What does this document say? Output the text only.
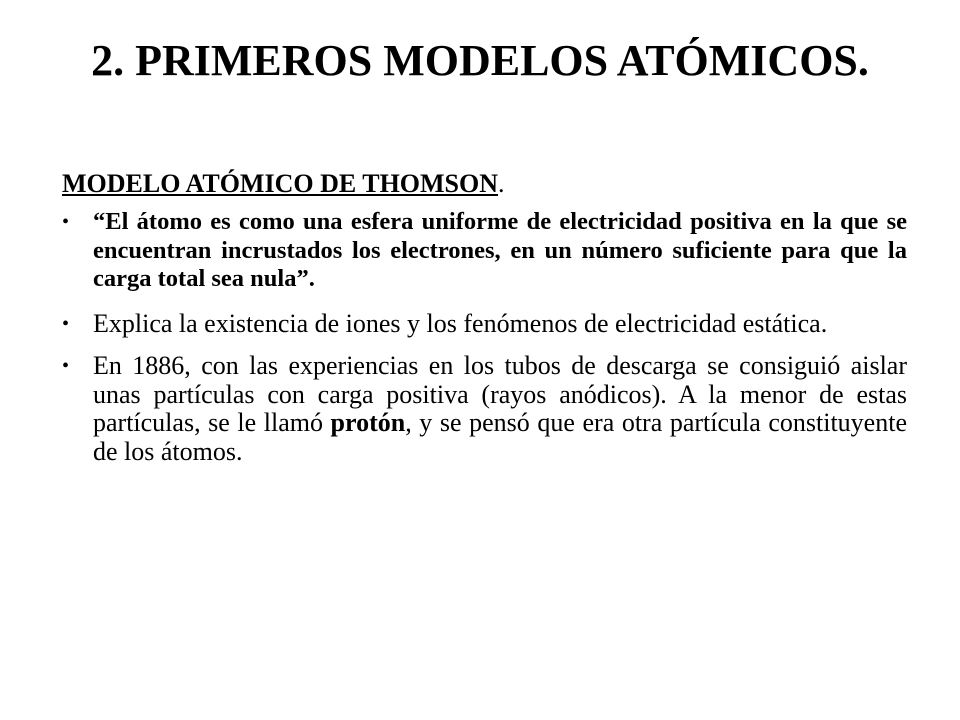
2. PRIMEROS MODELOS ATÓMICOS.

MODELO ATÓMICO DE THOMSON.

• “El átomo es como una esfera uniforme de electricidad positiva en la que se encuentran incrustados los electrones, en un número suficiente para que la carga total sea nula”.
• Explica la existencia de iones y los fenómenos de electricidad estática.
• En 1886, con las experiencias en los tubos de descarga se consiguió aislar unas partículas con carga positiva (rayos anódicos). A la menor de estas partículas, se le llamó protón, y se pensó que era otra partícula constituyente de los átomos.
